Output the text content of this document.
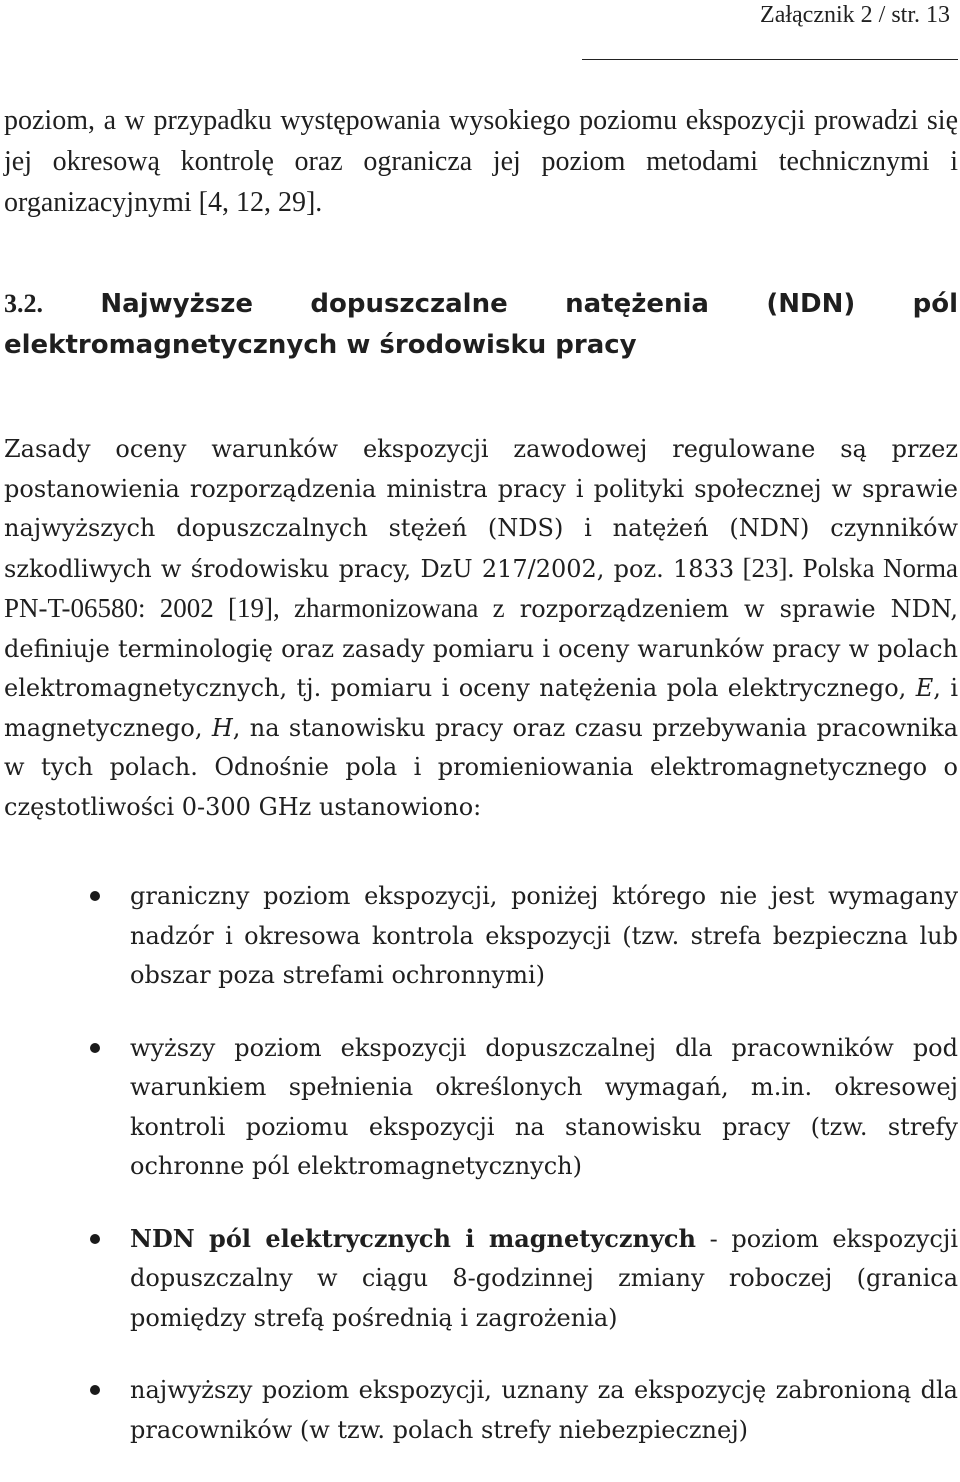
Załącznik 2 / str. 13

poziom, a w przypadku występowania wysokiego poziomu ekspozycji prowadzi się jej okresową kontrolę oraz ogranicza jej poziom metodami technicznymi i organizacyjnymi [4, 12, 29].

3.2. Najwyższe dopuszczalne natężenia (NDN) pól elektromagnetycznych w środowisku pracy

Zasady oceny warunków ekspozycji zawodowej regulowane są przez postanowienia rozporządzenia ministra pracy i polityki społecznej w sprawie najwyższych dopuszczalnych stężeń (NDS) i natężeń (NDN) czynników szkodliwych w środowisku pracy, DzU 217/2002, poz. 1833 [23]. Polska Norma PN-T-06580: 2002 [19], zharmonizowana z rozporządzeniem w sprawie NDN, definiuje terminologię oraz zasady pomiaru i oceny warunków pracy w polach elektromagnetycznych, tj. pomiaru i oceny natężenia pola elektrycznego, E, i magnetycznego, H, na stanowisku pracy oraz czasu przebywania pracownika w tych polach. Odnośnie pola i promieniowania elektromagnetycznego o częstotliwości 0-300 GHz ustanowiono:

graniczny poziom ekspozycji, poniżej którego nie jest wymagany nadzór i okresowa kontrola ekspozycji (tzw. strefa bezpieczna lub obszar poza strefami ochronnymi)
wyższy poziom ekspozycji dopuszczalnej dla pracowników pod warunkiem spełnienia określonych wymagań, m.in. okresowej kontroli poziomu ekspozycji na stanowisku pracy (tzw. strefy ochronne pól elektromagnetycznych)
NDN pól elektrycznych i magnetycznych - poziom ekspozycji dopuszczalny w ciągu 8-godzinnej zmiany roboczej (granica pomiędzy strefą pośrednią i zagrożenia)
najwyższy poziom ekspozycji, uznany za ekspozycję zabronioną dla pracowników (w tzw. polach strefy niebezpiecznej)
